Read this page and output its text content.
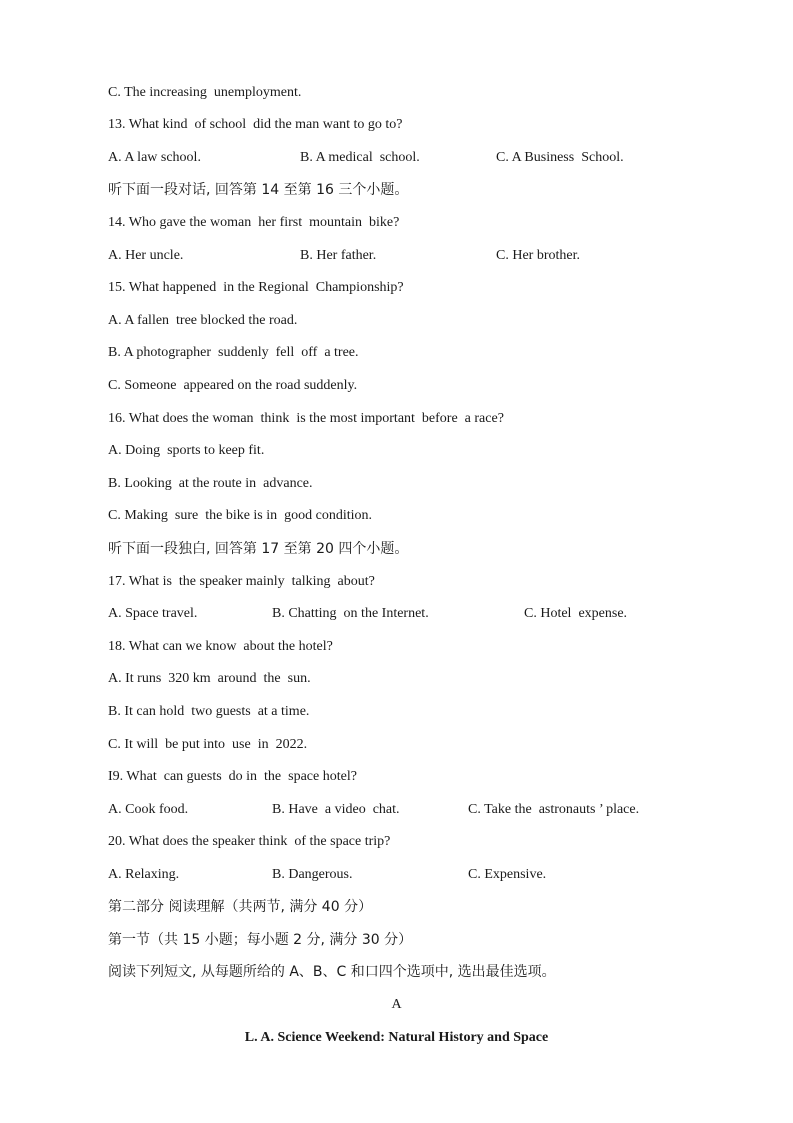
C. The increasing  unemployment.
13. What kind  of school  did the man want to go to?
A. A law school.	B. A medical  school.	C. A Business  School.
听下面一段对话, 回答第 14 至第 16 三个小题。
14. Who gave the woman  her first  mountain  bike?
A. Her uncle.	B. Her father.	C. Her brother.
15. What happened  in the Regional  Championship?
A. A fallen  tree blocked the road.
B. A photographer  suddenly  fell  off  a tree.
C. Someone  appeared on the road suddenly.
16. What does the woman  think  is the most important  before  a race?
A. Doing  sports to keep fit.
B. Looking  at the route in  advance.
C. Making  sure  the bike is in  good condition.
听下面一段独白, 回答第 17 至第 20 四个小题。
17. What is  the speaker mainly  talking  about?
A. Space travel.	B. Chatting  on the Internet.	C. Hotel  expense.
18. What can we know  about the hotel?
A. It runs  320 km  around  the  sun.
B. It can hold  two guests  at a time.
C. It will  be put into  use  in  2022.
I9. What  can guests  do in  the  space hotel?
A. Cook food.	B. Have  a video  chat.	C. Take the  astronauts ’ place.
20. What does the speaker think  of the space trip?
A. Relaxing.	B. Dangerous.	C. Expensive.
第二部分 阅读理解（共两节, 满分 40 分）
第一节（共 15 小题；每小题 2 分, 满分 30 分）
阅读下列短文, 从每题所给的 A、B、C 和口四个选项中, 选出最佳选项。
A
L. A. Science Weekend: Natural History and Space
